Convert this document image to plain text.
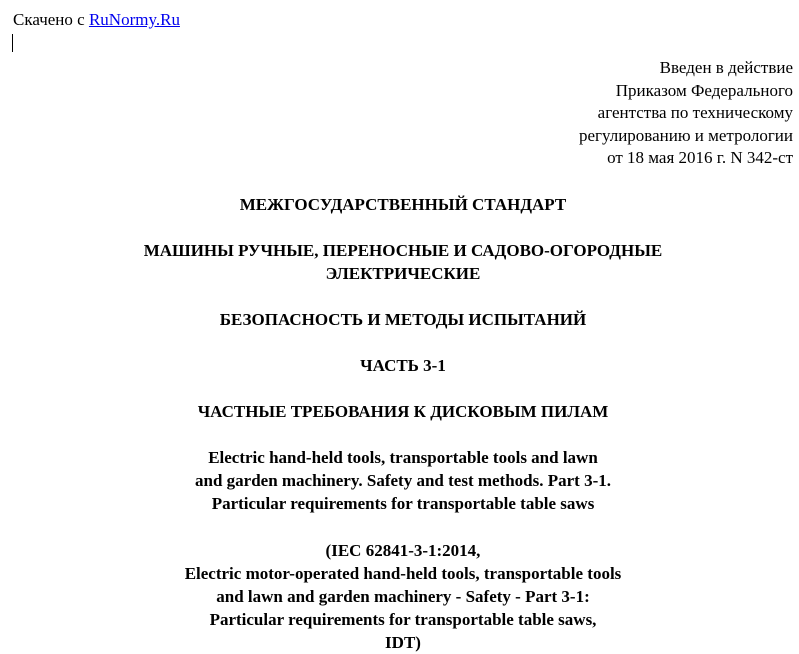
Скачено с RuNormy.Ru
Введен в действие
Приказом Федерального
агентства по техническому
регулированию и метрологии
от 18 мая 2016 г. N 342-ст
МЕЖГОСУДАРСТВЕННЫЙ СТАНДАРТ
МАШИНЫ РУЧНЫЕ, ПЕРЕНОСНЫЕ И САДОВО-ОГОРОДНЫЕ
ЭЛЕКТРИЧЕСКИЕ
БЕЗОПАСНОСТЬ И МЕТОДЫ ИСПЫТАНИЙ
ЧАСТЬ 3-1
ЧАСТНЫЕ ТРЕБОВАНИЯ К ДИСКОВЫМ ПИЛАМ
Electric hand-held tools, transportable tools and lawn
and garden machinery. Safety and test methods. Part 3-1.
Particular requirements for transportable table saws
(IEC 62841-3-1:2014,
Electric motor-operated hand-held tools, transportable tools
and lawn and garden machinery - Safety - Part 3-1:
Particular requirements for transportable table saws,
IDT)
